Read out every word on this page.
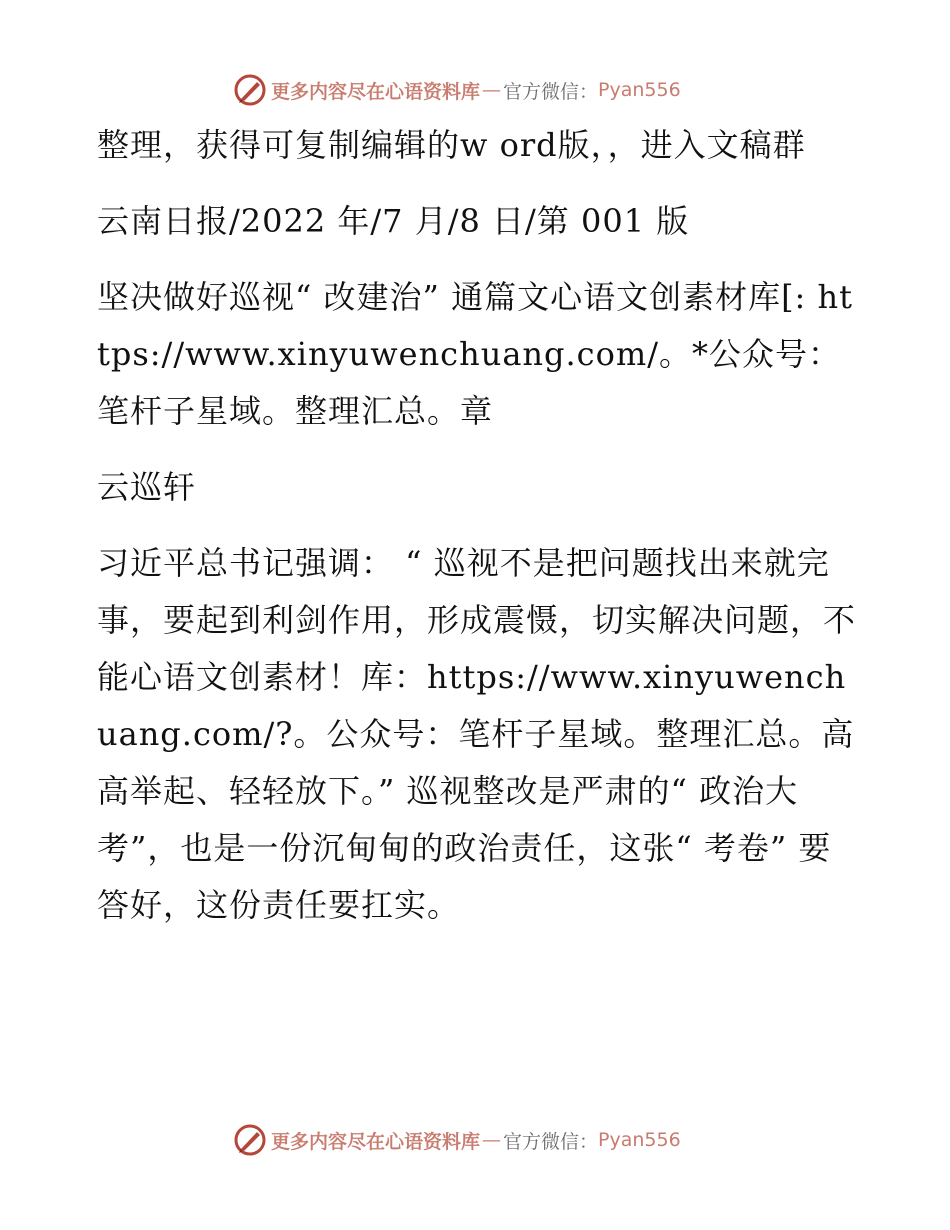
更多内容尽在心语资料库 — 官方微信： Pyan556

整理，获得可复制编辑的w ord版，，进入文稿群

云南日报/2022 年/7 月/8 日/第 001 版

坚决做好巡视“ 改建治” 通篇文心语文创素材库[: https://www.xinyuwenchuang.com/。*公众号：笔杆子星域。整理汇总。章

云巡轩

习近平总书记强调： “ 巡视不是把问题找出来就完事，要起到利剑作用，形成震慑，切实解决问题，不能心语文创素材！库：https://www.xinyuwenchuang.com/?。公众号：笔杆子星域。整理汇总。高高举起、轻轻放下。” 巡视整改是严肃的“ 政治大考”，也是一份沉甸甸的政治责任，这张“ 考卷” 要答好，这份责任要扛实。

更多内容尽在心语资料库 — 官方微信： Pyan556
